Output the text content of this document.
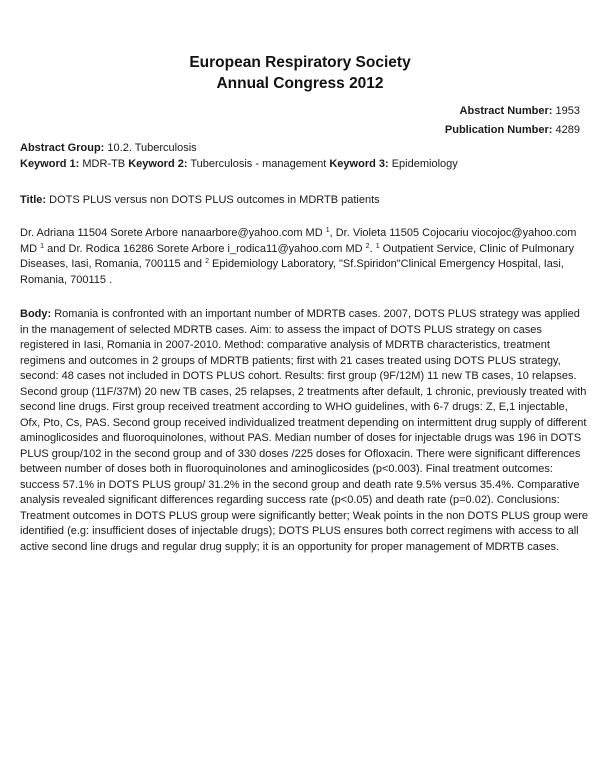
European Respiratory Society
Annual Congress 2012
Abstract Number: 1953
Publication Number: 4289
Abstract Group: 10.2. Tuberculosis
Keyword 1: MDR-TB Keyword 2: Tuberculosis - management Keyword 3: Epidemiology
Title: DOTS PLUS versus non DOTS PLUS outcomes in MDRTB patients
Dr. Adriana 11504 Sorete Arbore nanaarbore@yahoo.com MD $^1$, Dr. Violeta 11505 Cojocariu viocojoc@yahoo.com MD $^1$ and Dr. Rodica 16286 Sorete Arbore i_rodica11@yahoo.com MD $^2$. $^1$ Outpatient Service, Clinic of Pulmonary Diseases, Iasi, Romania, 700115 and $^2$ Epidemiology Laboratory, "Sf.Spiridon"Clinical Emergency Hospital, Iasi, Romania, 700115 .
Body: Romania is confronted with an important number of MDRTB cases. 2007, DOTS PLUS strategy was applied in the management of selected MDRTB cases. Aim: to assess the impact of DOTS PLUS strategy on cases registered in Iasi, Romania in 2007-2010. Method: comparative analysis of MDRTB characteristics, treatment regimens and outcomes in 2 groups of MDRTB patients; first with 21 cases treated using DOTS PLUS strategy, second: 48 cases not included in DOTS PLUS cohort. Results: first group (9F/12M) 11 new TB cases, 10 relapses. Second group (11F/37M) 20 new TB cases, 25 relapses, 2 treatments after default, 1 chronic, previously treated with second line drugs. First group received treatment according to WHO guidelines, with 6-7 drugs: Z, E,1 injectable, Ofx, Pto, Cs, PAS. Second group received individualized treatment depending on intermittent drug supply of different aminoglicosides and fluoroquinolones, without PAS. Median number of doses for injectable drugs was 196 in DOTS PLUS group/102 in the second group and of 330 doses /225 doses for Ofloxacin. There were significant differences between number of doses both in fluoroquinolones and aminoglicosides (p<0.003). Final treatment outcomes: success 57.1% in DOTS PLUS group/ 31.2% in the second group and death rate 9.5% versus 35.4%. Comparative analysis revealed significant differences regarding success rate (p<0.05) and death rate (p=0.02). Conclusions: Treatment outcomes in DOTS PLUS group were significantly better; Weak points in the non DOTS PLUS group were identified (e.g: insufficient doses of injectable drugs); DOTS PLUS ensures both correct regimens with access to all active second line drugs and regular drug supply; it is an opportunity for proper management of MDRTB cases.
